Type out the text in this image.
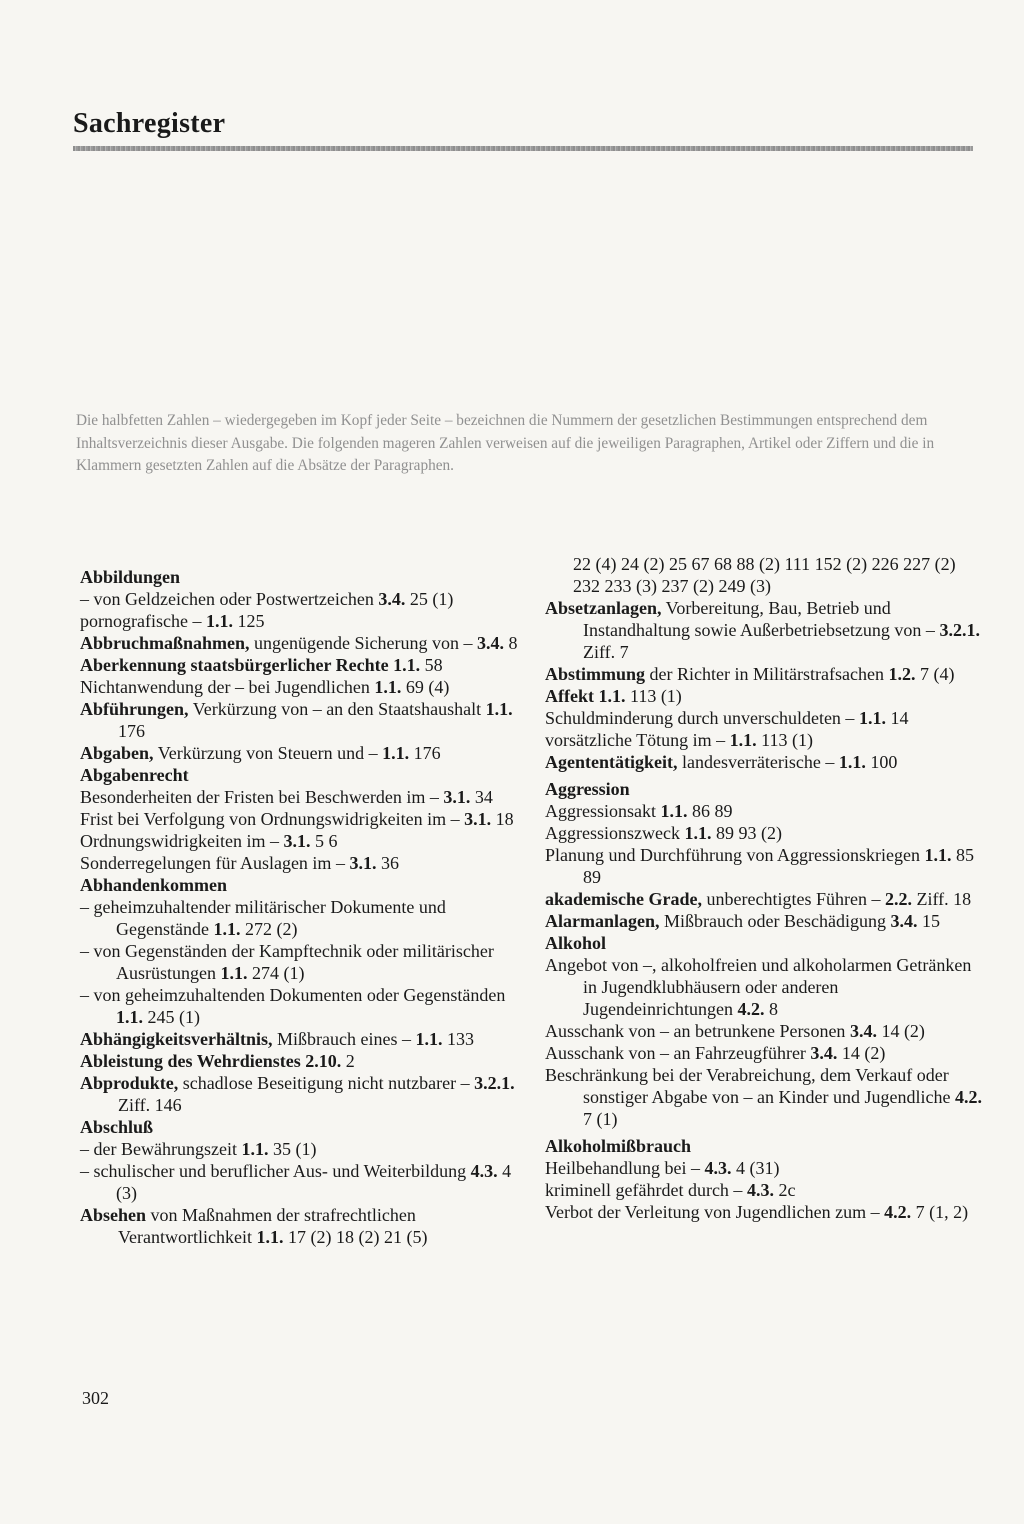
Sachregister

Die halbfetten Zahlen – wiedergegeben im Kopf jeder Seite – bezeichnen die Nummern der gesetzlichen Bestimmungen entsprechend dem Inhaltsverzeichnis dieser Ausgabe. Die folgenden mageren Zahlen verweisen auf die jeweiligen Paragraphen, Artikel oder Ziffern und die in Klammern gesetzten Zahlen auf die Absätze der Paragraphen.

Abbildungen
– von Geldzeichen oder Postwertzeichen 3.4. 25 (1)
pornografische – 1.1. 125
Abbruchmaßnahmen, ungenügende Sicherung von – 3.4. 8
Aberkennung staatsbürgerlicher Rechte 1.1. 58
Nichtanwendung der – bei Jugendlichen 1.1. 69 (4)
Abführungen, Verkürzung von – an den Staatshaushalt 1.1. 176
Abgaben, Verkürzung von Steuern und – 1.1. 176
Abgabenrecht
Besonderheiten der Fristen bei Beschwerden im – 3.1. 34
Frist bei Verfolgung von Ordnungswidrigkeiten im – 3.1. 18
Ordnungswidrigkeiten im – 3.1. 5 6
Sonderregelungen für Auslagen im – 3.1. 36
Abhandenkommen
– geheimzuhaltender militärischer Dokumente und Gegenstände 1.1. 272 (2)
– von Gegenständen der Kampftechnik oder militärischer Ausrüstungen 1.1. 274 (1)
– von geheimzuhaltenden Dokumenten oder Gegenständen 1.1. 245 (1)
Abhängigkeitsverhältnis, Mißbrauch eines – 1.1. 133
Ableistung des Wehrdienstes 2.10. 2
Abprodukte, schadlose Beseitigung nicht nutzbarer – 3.2.1. Ziff. 146
Abschluß
– der Bewährungszeit 1.1. 35 (1)
– schulischer und beruflicher Aus- und Weiterbildung 4.3. 4 (3)
Absehen von Maßnahmen der strafrechtlichen Verantwortlichkeit 1.1. 17 (2) 18 (2) 21 (5)
22 (4) 24 (2) 25 67 68 88 (2) 111 152 (2) 226 227 (2) 232 233 (3) 237 (2) 249 (3)
Absetzanlagen, Vorbereitung, Bau, Betrieb und Instandhaltung sowie Außerbetriebsetzung von – 3.2.1. Ziff. 7
Abstimmung der Richter in Militärstrafsachen 1.2. 7 (4)
Affekt 1.1. 113 (1)
Schuldminderung durch unverschuldeten – 1.1. 14
vorsätzliche Tötung im – 1.1. 113 (1)
Agententätigkeit, landesverräterische – 1.1. 100
Aggression
Aggressionsakt 1.1. 86 89
Aggressionszweck 1.1. 89 93 (2)
Planung und Durchführung von Aggressionskriegen 1.1. 85 89
akademische Grade, unberechtigtes Führen – 2.2. Ziff. 18
Alarmanlagen, Mißbrauch oder Beschädigung 3.4. 15
Alkohol
Angebot von –, alkoholfreien und alkoholarmen Getränken in Jugendklubhäusern oder anderen Jugendeinrichtungen 4.2. 8
Ausschank von – an betrunkene Personen 3.4. 14 (2)
Ausschank von – an Fahrzeugführer 3.4. 14 (2)
Beschränkung bei der Verabreichung, dem Verkauf oder sonstiger Abgabe von – an Kinder und Jugendliche 4.2. 7 (1)
Alkoholmißbrauch
Heilbehandlung bei – 4.3. 4 (31)
kriminell gefährdet durch – 4.3. 2c
Verbot der Verleitung von Jugendlichen zum – 4.2. 7 (1, 2)
302
